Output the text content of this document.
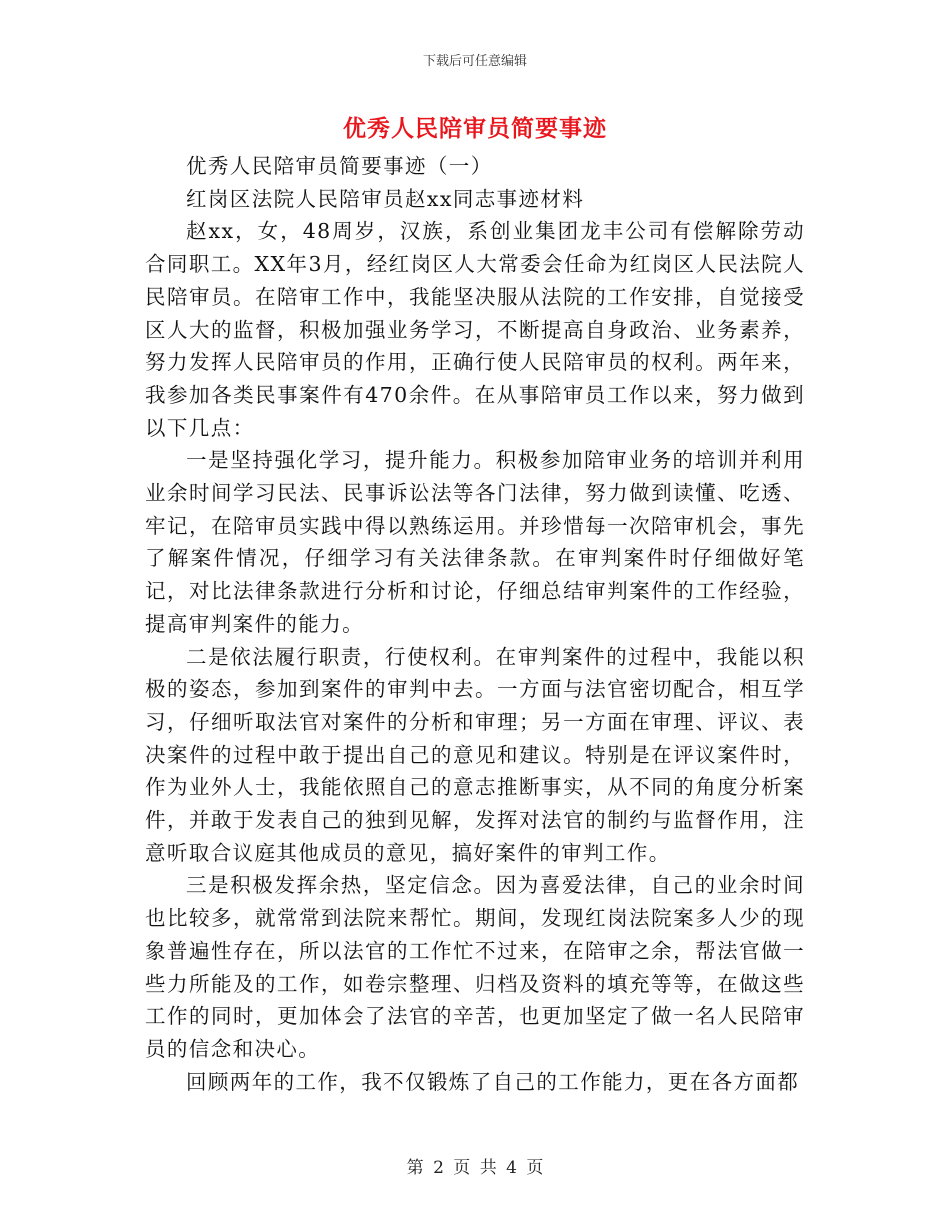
下载后可任意编辑
优秀人民陪审员简要事迹

优秀人民陪审员简要事迹（一）

红岗区法院人民陪审员赵xx同志事迹材料

赵xx，女，48周岁，汉族，系创业集团龙丰公司有偿解除劳动合同职工。XX年3月，经红岗区人大常委会任命为红岗区人民法院人民陪审员。在陪审工作中，我能坚决服从法院的工作安排，自觉接受区人大的监督，积极加强业务学习，不断提高自身政治、业务素养，努力发挥人民陪审员的作用，正确行使人民陪审员的权利。两年来，我参加各类民事案件有470余件。在从事陪审员工作以来，努力做到以下几点：

一是坚持强化学习，提升能力。积极参加陪审业务的培训并利用业余时间学习民法、民事诉讼法等各门法律，努力做到读懂、吃透、牢记，在陪审员实践中得以熟练运用。并珍惜每一次陪审机会，事先了解案件情况，仔细学习有关法律条款。在审判案件时仔细做好笔记，对比法律条款进行分析和讨论，仔细总结审判案件的工作经验，提高审判案件的能力。

二是依法履行职责，行使权利。在审判案件的过程中，我能以积极的姿态，参加到案件的审判中去。一方面与法官密切配合，相互学习，仔细听取法官对案件的分析和审理；另一方面在审理、评议、表决案件的过程中敢于提出自己的意见和建议。特别是在评议案件时，作为业外人士，我能依照自己的意志推断事实，从不同的角度分析案件，并敢于发表自己的独到见解，发挥对法官的制约与监督作用，注意听取合议庭其他成员的意见，搞好案件的审判工作。

三是积极发挥余热，坚定信念。因为喜爱法律，自己的业余时间也比较多，就常常到法院来帮忙。期间，发现红岗法院案多人少的现象普遍性存在，所以法官的工作忙不过来，在陪审之余，帮法官做一些力所能及的工作，如卷宗整理、归档及资料的填充等等，在做这些工作的同时，更加体会了法官的辛苦，也更加坚定了做一名人民陪审员的信念和决心。

回顾两年的工作，我不仅锻炼了自己的工作能力，更在各方面都

第 2 页 共 4 页
